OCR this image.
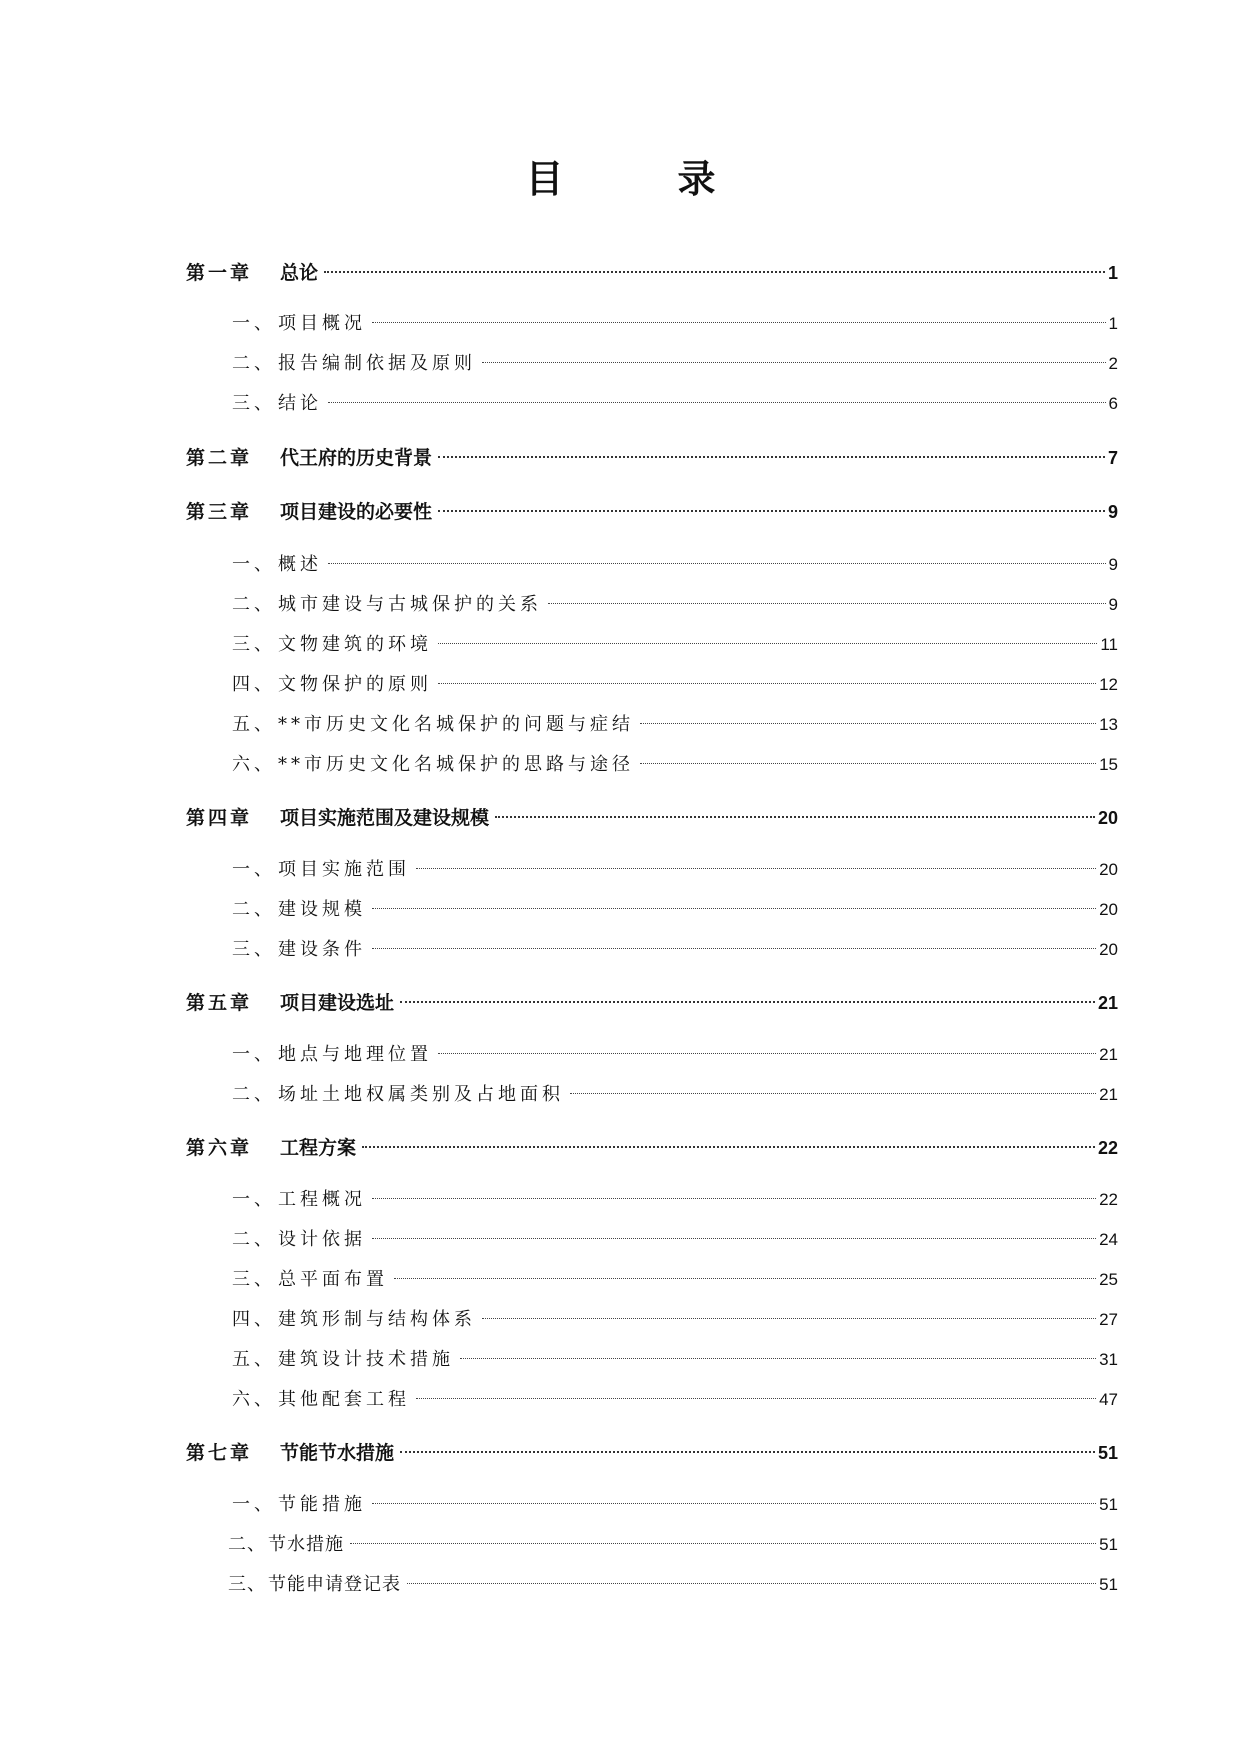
目　录
第一章 总论	1
一、 项目概况	1
二、 报告编制依据及原则	2
三、 结论	6
第二章 代王府的历史背景	7
第三章 项目建设的必要性	9
一、 概述	9
二、 城市建设与古城保护的关系	9
三、 文物建筑的环境	11
四、 文物保护的原则	12
五、 **市历史文化名城保护的问题与症结	13
六、 **市历史文化名城保护的思路与途径	15
第四章 项目实施范围及建设规模	20
一、 项目实施范围	20
二、 建设规模	20
三、 建设条件	20
第五章 项目建设选址	21
一、 地点与地理位置	21
二、 场址土地权属类别及占地面积	21
第六章 工程方案	22
一、 工程概况	22
二、 设计依据	24
三、 总平面布置	25
四、 建筑形制与结构体系	27
五、 建筑设计技术措施	31
六、 其他配套工程	47
第七章 节能节水措施	51
一、 节能措施	51
二、 节水措施	51
三、 节能申请登记表	51
